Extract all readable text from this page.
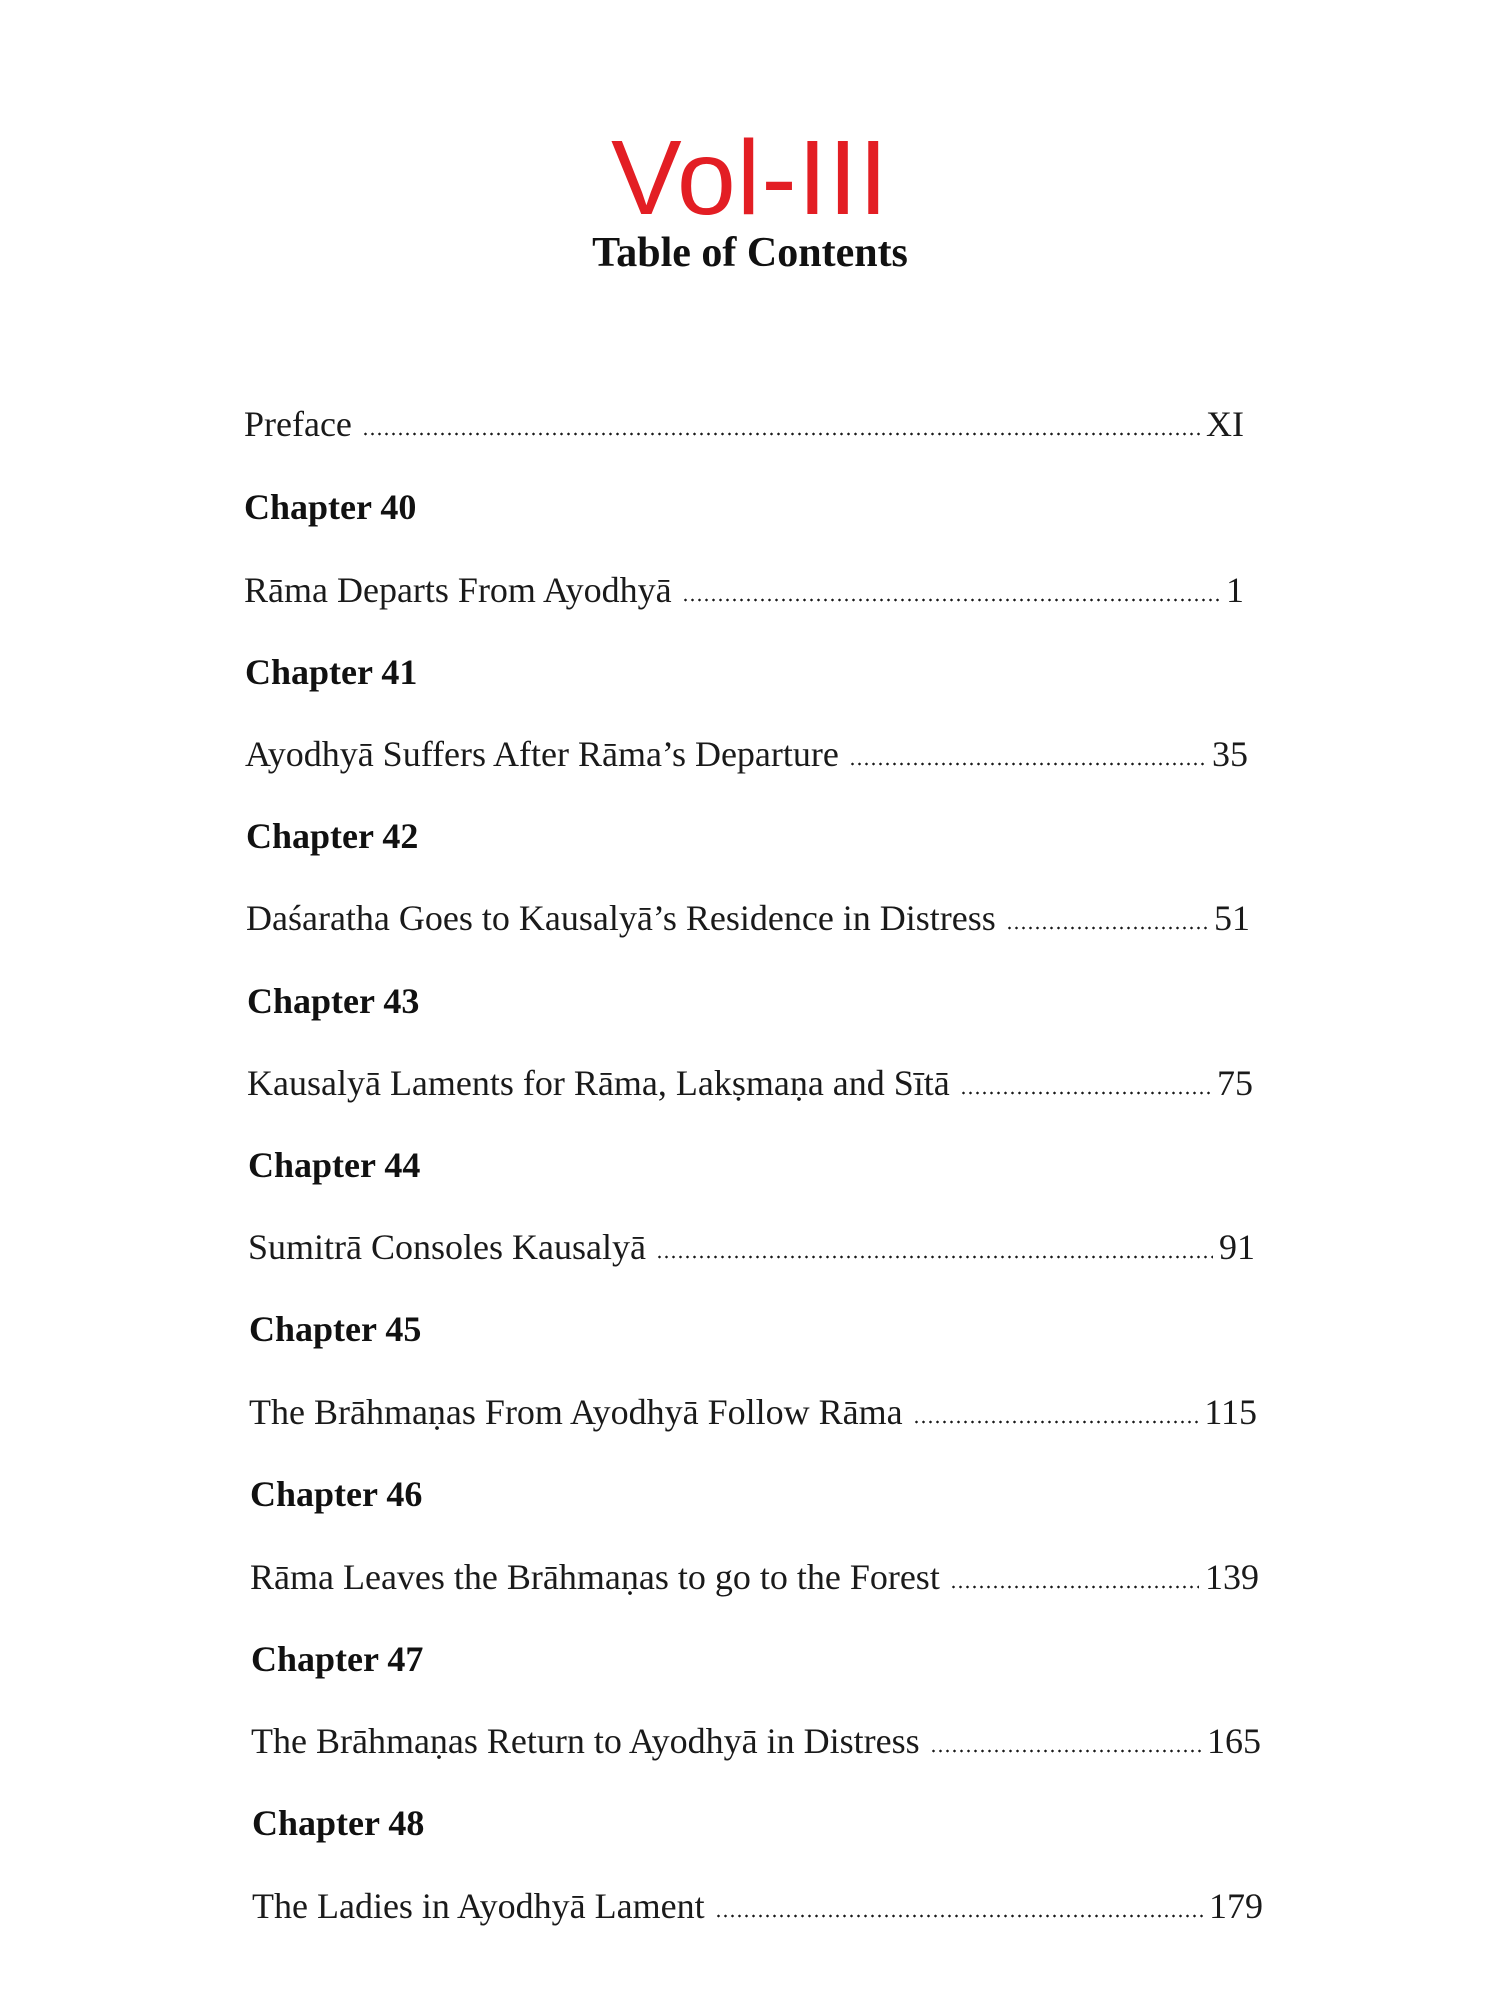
Vol-III
Table of Contents
Preface	XI
Chapter 40
Rāma Departs From Ayodhyā	1
Chapter 41
Ayodhyā Suffers After Rāma’s Departure	35
Chapter 42
Daśaratha Goes to Kausalyā’s Residence in Distress	51
Chapter 43
Kausalyā Laments for Rāma, Lakṣmaṇa and Sītā	75
Chapter 44
Sumitrā Consoles Kausalyā	91
Chapter 45
The Brāhmaṇas From Ayodhyā Follow Rāma	115
Chapter 46
Rāma Leaves the Brāhmaṇas to go to the Forest	139
Chapter 47
The Brāhmaṇas Return to Ayodhyā in Distress	165
Chapter 48
The Ladies in Ayodhyā Lament	179
